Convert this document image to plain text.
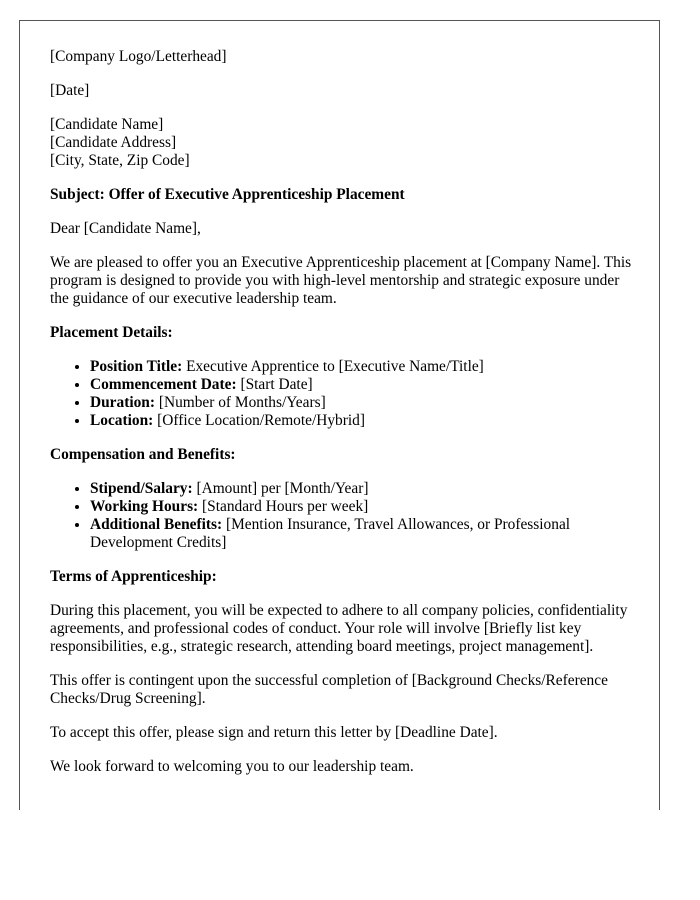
[Company Logo/Letterhead]

[Date]

[Candidate Name]
[Candidate Address]
[City, State, Zip Code]

Subject: Offer of Executive Apprenticeship Placement

Dear [Candidate Name],

We are pleased to offer you an Executive Apprenticeship placement at [Company Name]. This program is designed to provide you with high-level mentorship and strategic exposure under the guidance of our executive leadership team.

Placement Details:

• Position Title: Executive Apprentice to [Executive Name/Title]
• Commencement Date: [Start Date]
• Duration: [Number of Months/Years]
• Location: [Office Location/Remote/Hybrid]

Compensation and Benefits:

• Stipend/Salary: [Amount] per [Month/Year]
• Working Hours: [Standard Hours per week]
• Additional Benefits: [Mention Insurance, Travel Allowances, or Professional Development Credits]

Terms of Apprenticeship:

During this placement, you will be expected to adhere to all company policies, confidentiality agreements, and professional codes of conduct. Your role will involve [Briefly list key responsibilities, e.g., strategic research, attending board meetings, project management].

This offer is contingent upon the successful completion of [Background Checks/Reference Checks/Drug Screening].

To accept this offer, please sign and return this letter by [Deadline Date].

We look forward to welcoming you to our leadership team.
